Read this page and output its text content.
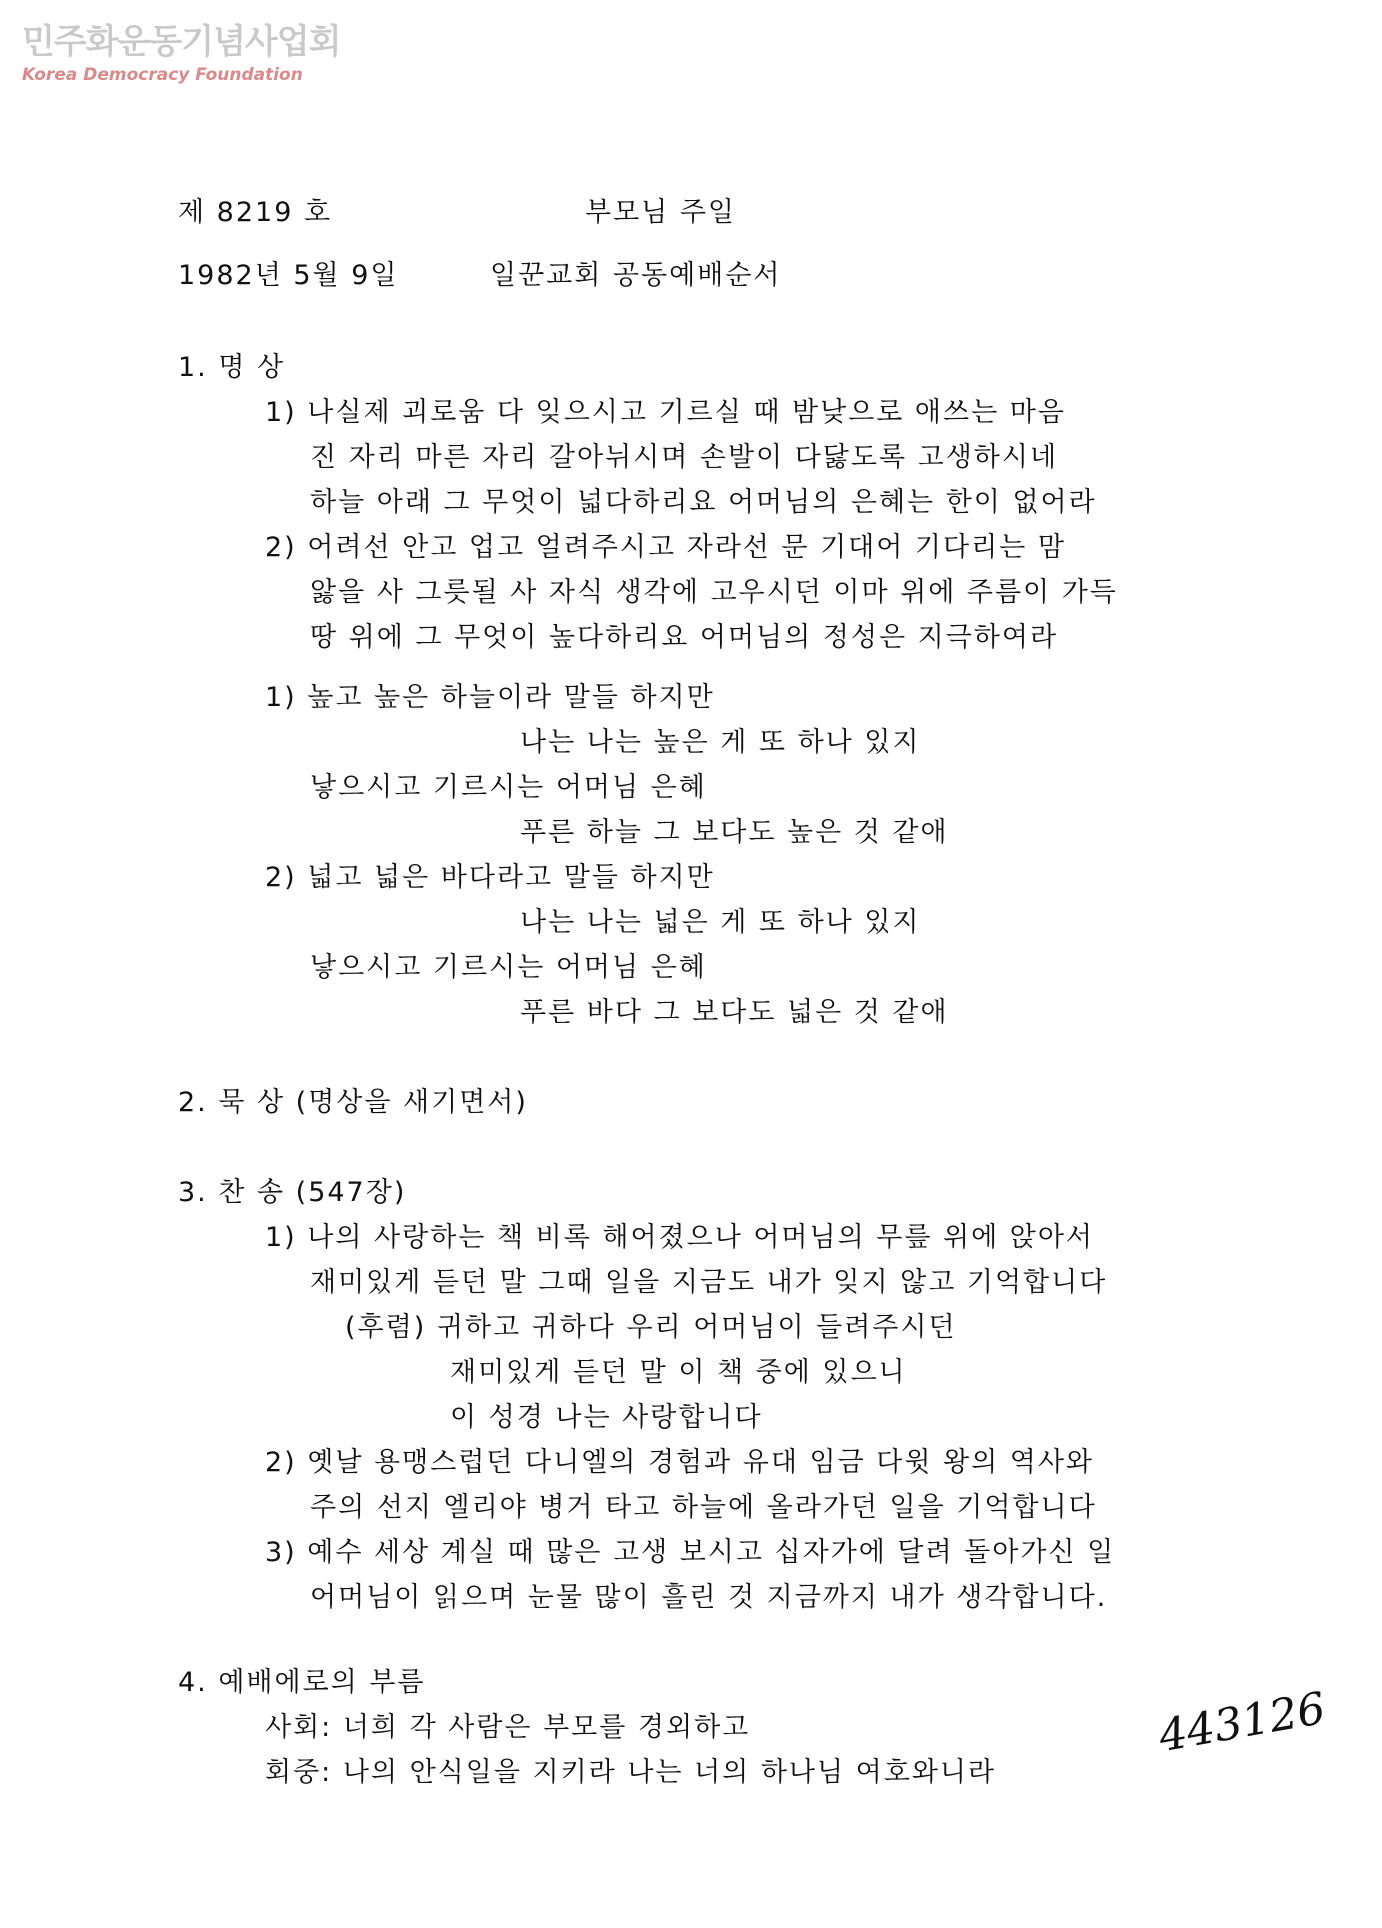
민주화운동기념사업회
Korea Democracy Foundation
제 8219 호	부모님 주일
1982년 5월 9일	일꾼교회 공동예배순서
1. 명 상
1) 나실제 괴로움 다 잊으시고 기르실 때 밤낮으로 애쓰는 마음
진 자리 마른 자리 갈아뉘시며 손발이 다닳도록 고생하시네
하늘 아래 그 무엇이 넓다하리요 어머님의 은혜는 한이 없어라
2) 어려선 안고 업고 얼려주시고 자라선 문 기대어 기다리는 맘
앓을 사 그릇될 사 자식 생각에 고우시던 이마 위에 주름이 가득
땅 위에 그 무엇이 높다하리요 어머님의 정성은 지극하여라
1) 높고 높은 하늘이라 말들 하지만
나는 나는 높은 게 또 하나 있지
낳으시고 기르시는 어머님 은혜
푸른 하늘 그 보다도 높은 것 같애
2) 넓고 넓은 바다라고 말들 하지만
나는 나는 넓은 게 또 하나 있지
낳으시고 기르시는 어머님 은혜
푸른 바다 그 보다도 넓은 것 같애
2. 묵 상 (명상을 새기면서)
3. 찬 송 (547장)
1) 나의 사랑하는 책 비록 해어졌으나 어머님의 무릎 위에 앉아서
재미있게 듣던 말 그때 일을 지금도 내가 잊지 않고 기억합니다
(후렴) 귀하고 귀하다 우리 어머님이 들려주시던
재미있게 듣던 말 이 책 중에 있으니
이 성경 나는 사랑합니다
2) 옛날 용맹스럽던 다니엘의 경험과 유대 임금 다윗 왕의 역사와
주의 선지 엘리야 병거 타고 하늘에 올라가던 일을 기억합니다
3) 예수 세상 계실 때 많은 고생 보시고 십자가에 달려 돌아가신 일
어머님이 읽으며 눈물 많이 흘린 것 지금까지 내가 생각합니다.
4. 예배에로의 부름
사회: 너희 각 사람은 부모를 경외하고
회중: 나의 안식일을 지키라 나는 너의 하나님 여호와니라
443126
